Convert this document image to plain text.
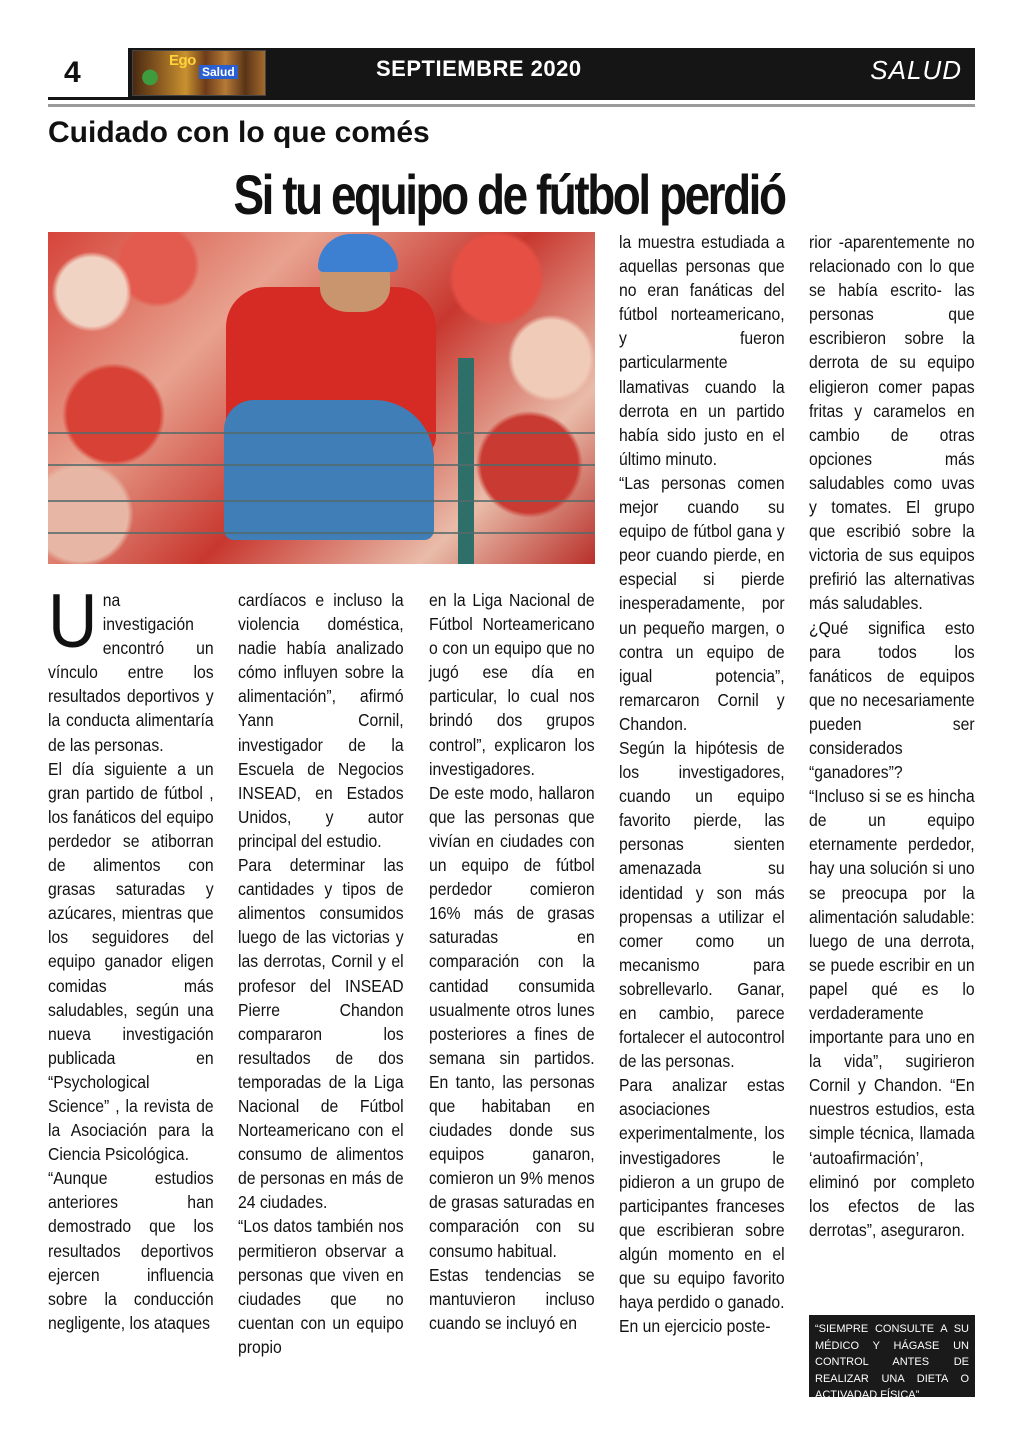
4	Ego
Salud	SEPTIEMBRE 2020	SALUD
Cuidado con lo que comés
Si tu equipo de fútbol perdió

Una investigación encontró un vínculo entre los resultados deportivos y la conducta alimentaría de las personas.

El día siguiente a un gran partido de fútbol , los fanáticos del equipo perdedor se atiborran de alimentos con grasas saturadas y azúcares, mientras que los seguidores del equipo ganador eligen comidas más saludables, según una nueva investigación publicada en “Psychological Science” , la revista de la Asociación para la Ciencia Psicológica.

“Aunque estudios anteriores han demostrado que los resultados deportivos ejercen influencia sobre la conducción negligente, los ataques

cardíacos e incluso la violencia doméstica, nadie había analizado cómo influyen sobre la alimentación”, afirmó Yann Cornil, investigador de la Escuela de Negocios INSEAD, en Estados Unidos, y autor principal del estudio.

Para determinar las cantidades y tipos de alimentos consumidos luego de las victorias y las derrotas, Cornil y el profesor del INSEAD Pierre Chandon compararon los resultados de dos temporadas de la Liga Nacional de Fútbol Norteamericano con el consumo de alimentos de personas en más de 24 ciudades.

“Los datos también nos permitieron observar a personas que viven en ciudades que no cuentan con un equipo propio

en la Liga Nacional de Fútbol Norteamericano o con un equipo que no jugó ese día en particular, lo cual nos brindó dos grupos control”, explicaron los investigadores.

De este modo, hallaron que las personas que vivían en ciudades con un equipo de fútbol perdedor comieron 16% más de grasas saturadas en comparación con la cantidad consumida usualmente otros lunes posteriores a fines de semana sin partidos. En tanto, las personas que habitaban en ciudades donde sus equipos ganaron, comieron un 9% menos de grasas saturadas en comparación con su consumo habitual.

Estas tendencias se mantuvieron incluso cuando se incluyó en

la muestra estudiada a aquellas personas que no eran fanáticas del fútbol norteamericano, y fueron particularmente llamativas cuando la derrota en un partido había sido justo en el último minuto.

“Las personas comen mejor cuando su equipo de fútbol gana y peor cuando pierde, en especial si pierde inesperadamente, por un pequeño margen, o contra un equipo de igual potencia”, remarcaron Cornil y Chandon.

Según la hipótesis de los investigadores, cuando un equipo favorito pierde, las personas sienten amenazada su identidad y son más propensas a utilizar el comer como un mecanismo para sobrellevarlo. Ganar, en cambio, parece fortalecer el autocontrol de las personas.

Para analizar estas asociaciones experimentalmente, los investigadores le pidieron a un grupo de participantes franceses que escribieran sobre algún momento en el que su equipo favorito haya perdido o ganado.

En un ejercicio poste-

rior -aparentemente no relacionado con lo que se había escrito- las personas que escribieron sobre la derrota de su equipo eligieron comer papas fritas y caramelos en cambio de otras opciones más saludables como uvas y tomates. El grupo que escribió sobre la victoria de sus equipos prefirió las alternativas más saludables.

¿Qué significa esto para todos los fanáticos de equipos que no necesariamente pueden ser considerados “ganadores”?

“Incluso si se es hincha de un equipo eternamente perdedor, hay una solución si uno se preocupa por la alimentación saludable: luego de una derrota, se puede escribir en un papel qué es lo verdaderamente importante para uno en la vida”, sugirieron Cornil y Chandon. “En nuestros estudios, esta simple técnica, llamada ‘autoafirmación’, eliminó por completo los efectos de las derrotas”, aseguraron.

“SIEMPRE CONSULTE A SU MÉDICO Y HÁGASE UN CONTROL ANTES DE REALIZAR UNA DIETA O ACTIVADAD FÍSICA”
